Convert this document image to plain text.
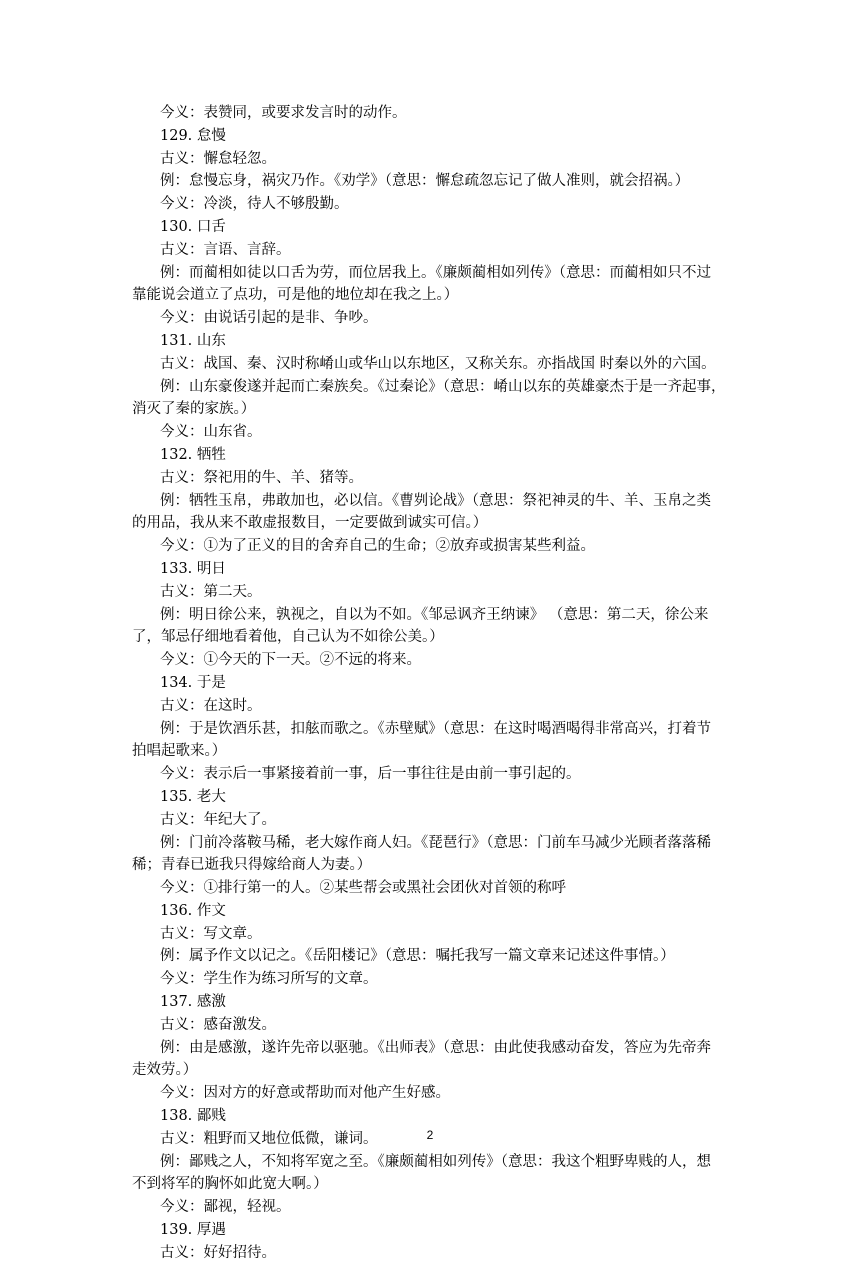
今义：表赞同，或要求发言时的动作。
129. 怠慢
古义：懈怠轻忽。
例：怠慢忘身，祸灾乃作。《劝学》（意思：懈怠疏忽忘记了做人准则，就会招祸。）
今义：冷淡，待人不够殷勤。
130. 口舌
古义：言语、言辞。
例：而蔺相如徒以口舌为劳，而位居我上。《廉颇蔺相如列传》（意思：而蔺相如只不过
靠能说会道立了点功，可是他的地位却在我之上。）
今义：由说话引起的是非、争吵。
131. 山东
古义：战国、秦、汉时称崤山或华山以东地区，又称关东。亦指战国 时秦以外的六国。
例：山东豪俊遂并起而亡秦族矣。《过秦论》（意思：崤山以东的英雄豪杰于是一齐起事，
消灭了秦的家族。）
今义：山东省。
132. 牺牲
古义：祭祀用的牛、羊、猪等。
例：牺牲玉帛，弗敢加也，必以信。《曹刿论战》（意思：祭祀神灵的牛、羊、玉帛之类
的用品，我从来不敢虚报数目，一定要做到诚实可信。）
今义：①为了正义的目的舍弃自己的生命；②放弃或损害某些利益。
133. 明日
古义：第二天。
例：明日徐公来，孰视之，自以为不如。《邹忌讽齐王纳谏》 （意思：第二天，徐公来
了，邹忌仔细地看着他，自己认为不如徐公美。）
今义：①今天的下一天。②不远的将来。
134. 于是
古义：在这时。
例：于是饮酒乐甚，扣舷而歌之。《赤壁赋》（意思：在这时喝酒喝得非常高兴，打着节
拍唱起歌来。）
今义：表示后一事紧接着前一事，后一事往往是由前一事引起的。
135. 老大
古义：年纪大了。
例：门前冷落鞍马稀，老大嫁作商人妇。《琵琶行》（意思：门前车马减少光顾者落落稀
稀；青春已逝我只得嫁给商人为妻。）
今义：①排行第一的人。②某些帮会或黑社会团伙对首领的称呼
136. 作文
古义：写文章。
例：属予作文以记之。《岳阳楼记》（意思：嘱托我写一篇文章来记述这件事情。）
今义：学生作为练习所写的文章。
137. 感激
古义：感奋激发。
例：由是感激，遂许先帝以驱驰。《出师表》（意思：由此使我感动奋发，答应为先帝奔
走效劳。）
今义：因对方的好意或帮助而对他产生好感。
138. 鄙贱
古义：粗野而又地位低微，谦词。
例：鄙贱之人，不知将军宽之至。《廉颇蔺相如列传》（意思：我这个粗野卑贱的人，想
不到将军的胸怀如此宽大啊。）
今义：鄙视，轻视。
139. 厚遇
古义：好好招待。
2
